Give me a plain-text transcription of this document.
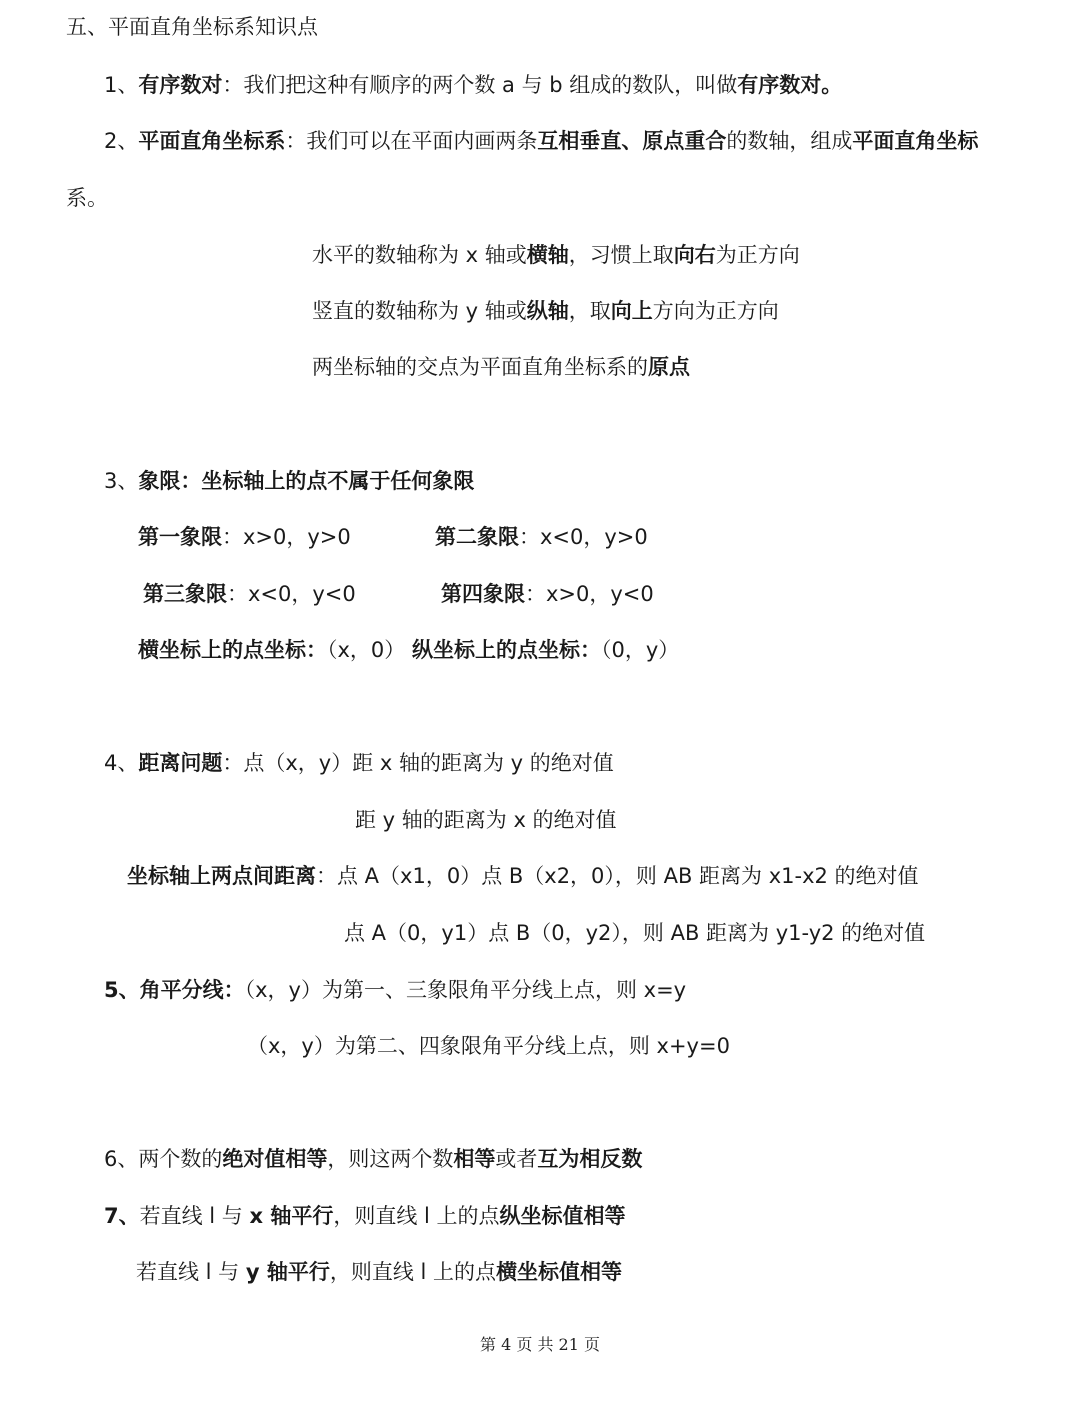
五、平面直角坐标系知识点
1、有序数对：我们把这种有顺序的两个数 a 与 b 组成的数队，叫做有序数对。
2、平面直角坐标系：我们可以在平面内画两条互相垂直、原点重合的数轴，组成平面直角坐标
系。
水平的数轴称为 x 轴或横轴，习惯上取向右为正方向
竖直的数轴称为 y 轴或纵轴，取向上方向为正方向
两坐标轴的交点为平面直角坐标系的原点
3、象限：坐标轴上的点不属于任何象限
第一象限：x>0，y>0	第二象限：x<0，y>0
第三象限：x<0，y<0	第四象限：x>0，y<0
横坐标上的点坐标：（x，0） 纵坐标上的点坐标：（0，y）
4、距离问题：点（x，y）距 x 轴的距离为 y 的绝对值
距 y 轴的距离为 x 的绝对值
坐标轴上两点间距离：点 A（x1，0）点 B（x2，0），则 AB 距离为 x1-x2 的绝对值
点 A（0，y1）点 B（0，y2），则 AB 距离为 y1-y2 的绝对值
5、角平分线：（x，y）为第一、三象限角平分线上点，则 x=y
（x，y）为第二、四象限角平分线上点，则 x+y=0
6、两个数的绝对值相等，则这两个数相等或者互为相反数
7、若直线 l 与 x 轴平行，则直线 l 上的点纵坐标值相等
若直线 l 与 y 轴平行，则直线 l 上的点横坐标值相等
第 4 页 共 21 页
